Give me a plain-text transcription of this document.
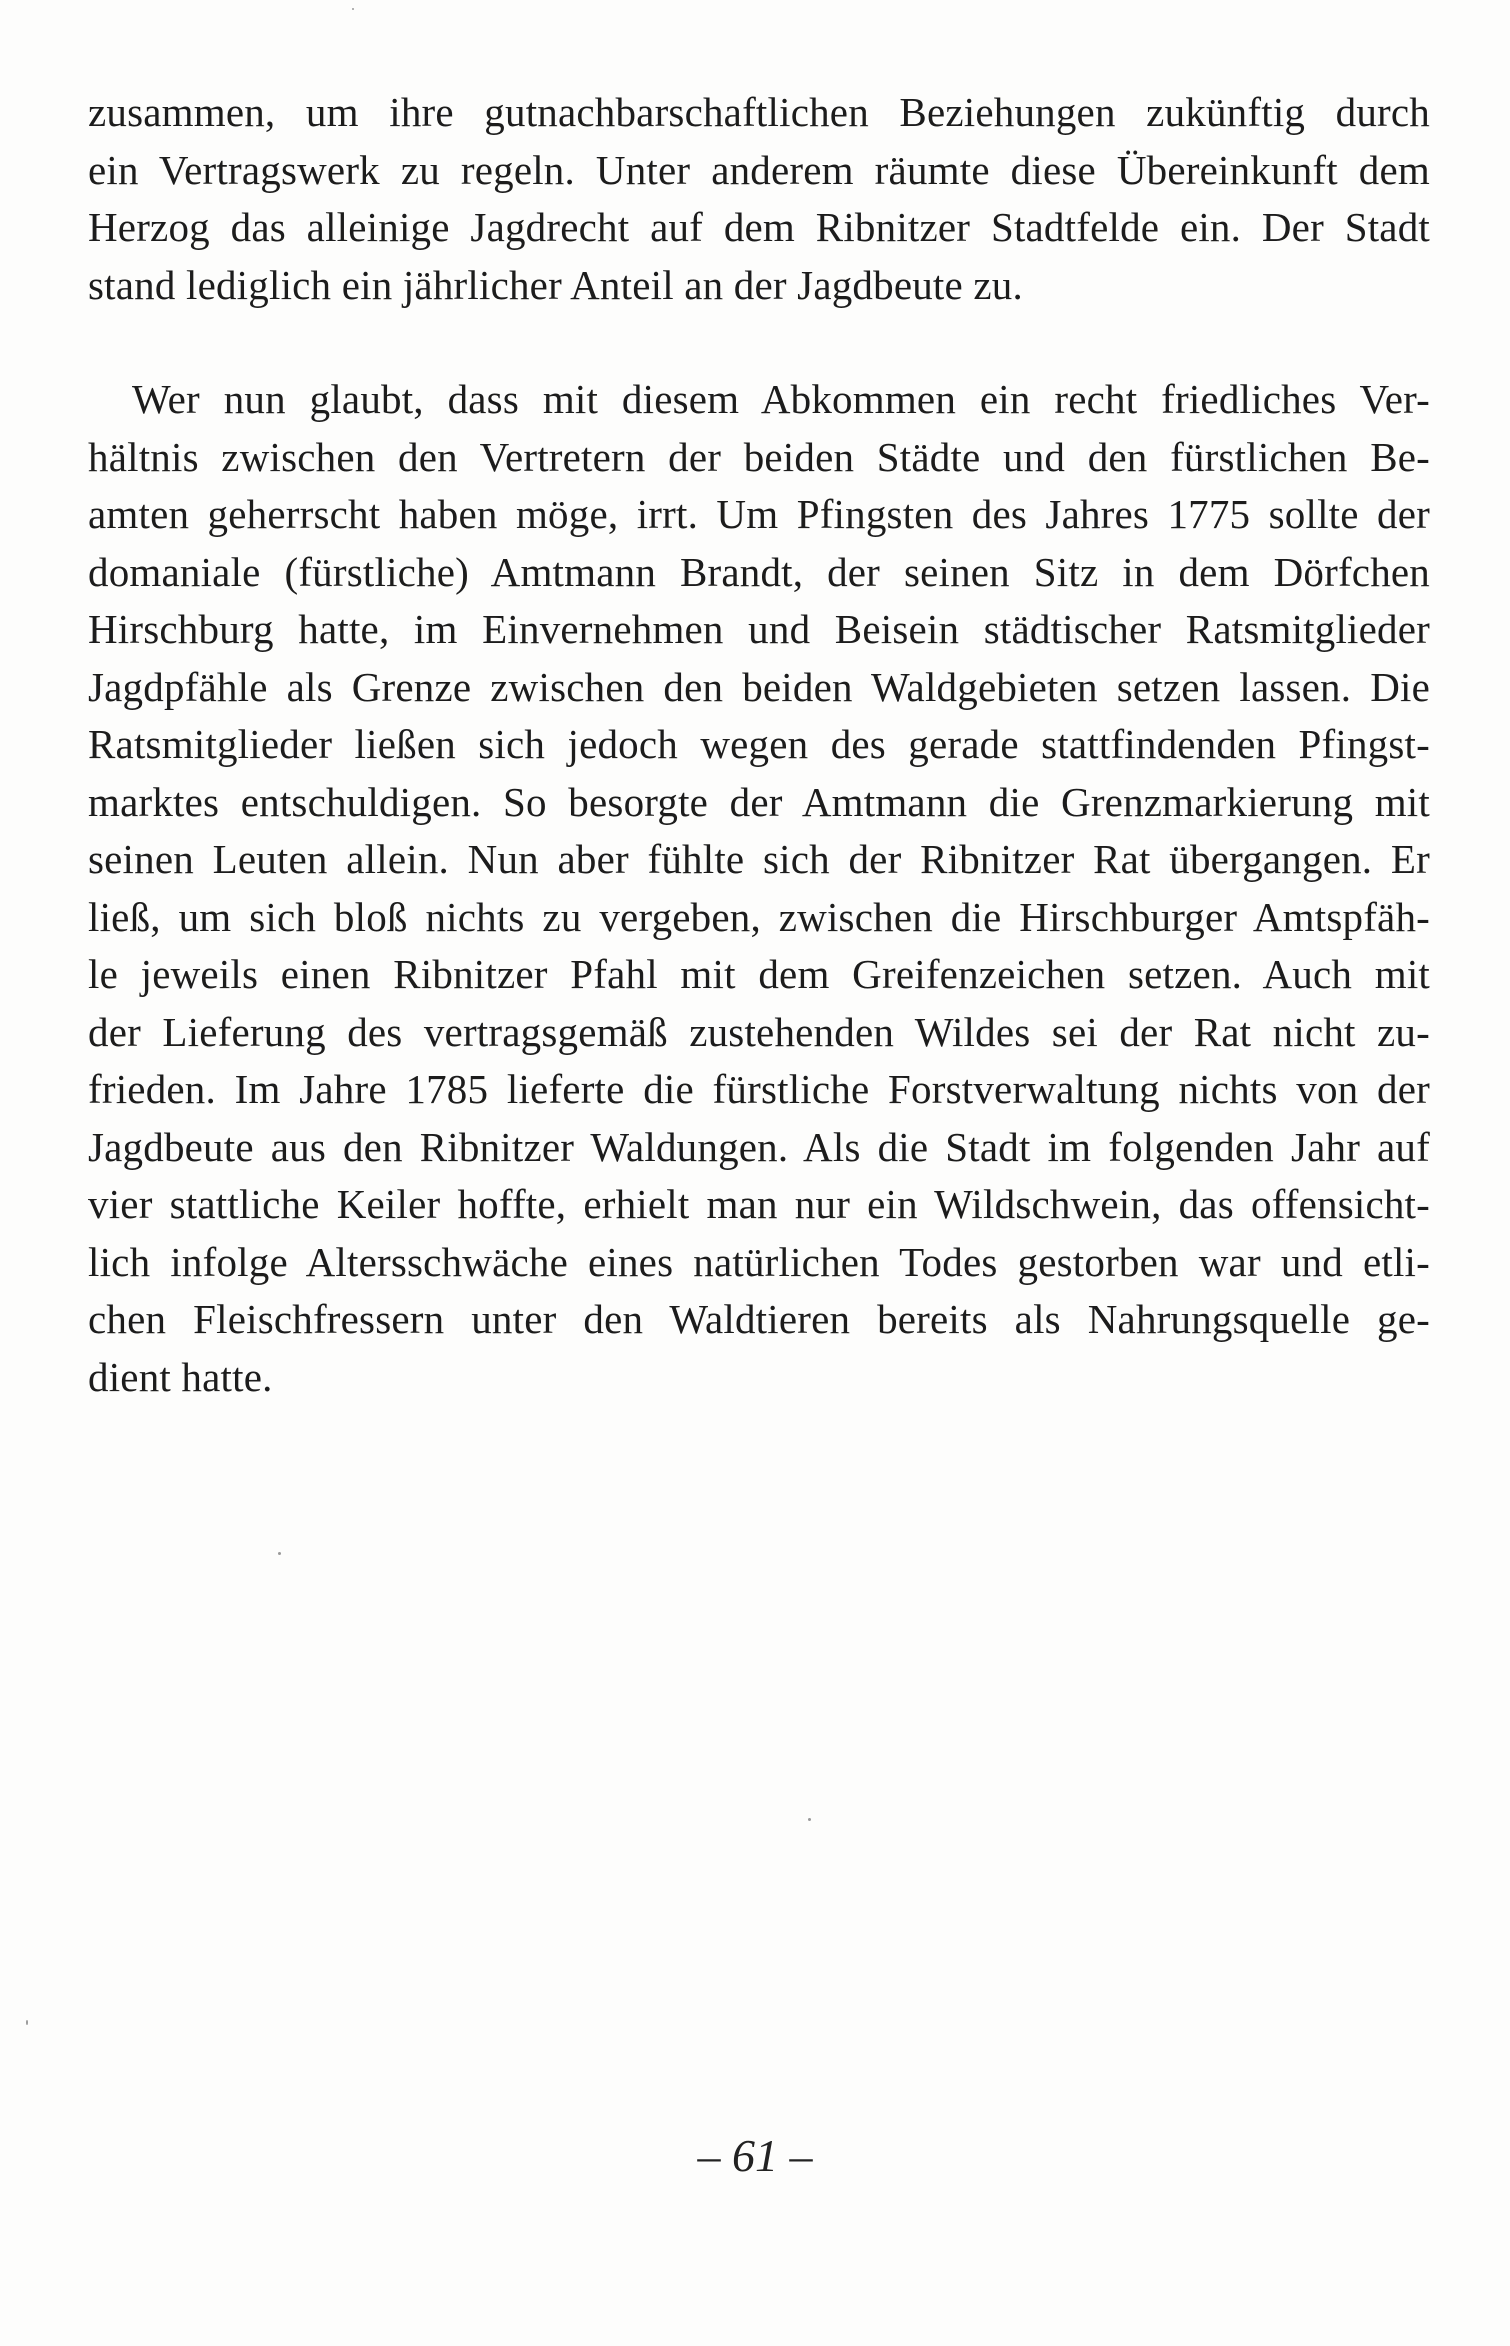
zusammen, um ihre gutnachbarschaftlichen Beziehungen zukünftig durch
ein Vertragswerk zu regeln. Unter anderem räumte diese Übereinkunft dem
Herzog das alleinige Jagdrecht auf dem Ribnitzer Stadtfelde ein. Der Stadt
stand lediglich ein jährlicher Anteil an der Jagdbeute zu.

Wer nun glaubt, dass mit diesem Abkommen ein recht friedliches Ver-
hältnis zwischen den Vertretern der beiden Städte und den fürstlichen Be-
amten geherrscht haben möge, irrt. Um Pfingsten des Jahres 1775 sollte der
domaniale (fürstliche) Amtmann Brandt, der seinen Sitz in dem Dörfchen
Hirschburg hatte, im Einvernehmen und Beisein städtischer Ratsmitglieder
Jagdpfähle als Grenze zwischen den beiden Waldgebieten setzen lassen. Die
Ratsmitglieder ließen sich jedoch wegen des gerade stattfindenden Pfingst-
marktes entschuldigen. So besorgte der Amtmann die Grenzmarkierung mit
seinen Leuten allein. Nun aber fühlte sich der Ribnitzer Rat übergangen. Er
ließ, um sich bloß nichts zu vergeben, zwischen die Hirschburger Amtspfäh-
le jeweils einen Ribnitzer Pfahl mit dem Greifenzeichen setzen. Auch mit
der Lieferung des vertragsgemäß zustehenden Wildes sei der Rat nicht zu-
frieden. Im Jahre 1785 lieferte die fürstliche Forstverwaltung nichts von der
Jagdbeute aus den Ribnitzer Waldungen. Als die Stadt im folgenden Jahr auf
vier stattliche Keiler hoffte, erhielt man nur ein Wildschwein, das offensicht-
lich infolge Altersschwäche eines natürlichen Todes gestorben war und etli-
chen Fleischfressern unter den Waldtieren bereits als Nahrungsquelle ge-
dient hatte.

– 61 –
